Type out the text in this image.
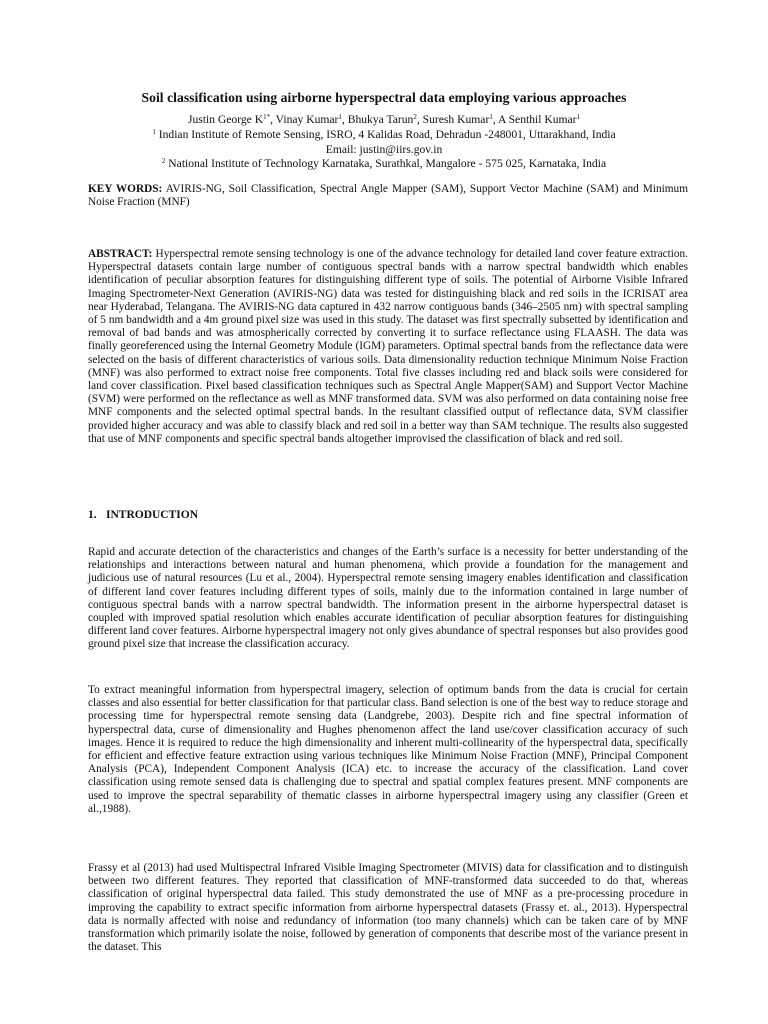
Soil classification using airborne hyperspectral data employing various approaches
Justin George $K^{1*}$, Vinay Kumar$^1$, Bhukya Tarun$^2$, Suresh Kumar$^1$, A Senthil Kumar$^1$
$^1$ Indian Institute of Remote Sensing, ISRO, 4 Kalidas Road, Dehradun -248001, Uttarakhand, India
Email: justin@iirs.gov.in
$^2$ National Institute of Technology Karnataka, Surathkal, Mangalore - 575 025, Karnataka, India
KEY WORDS: AVIRIS-NG, Soil Classification, Spectral Angle Mapper (SAM), Support Vector Machine (SAM) and Minimum Noise Fraction (MNF)
ABSTRACT: Hyperspectral remote sensing technology is one of the advance technology for detailed land cover feature extraction. Hyperspectral datasets contain large number of contiguous spectral bands with a narrow spectral bandwidth which enables identification of peculiar absorption features for distinguishing different type of soils. The potential of Airborne Visible Infrared Imaging Spectrometer-Next Generation (AVIRIS-NG) data was tested for distinguishing black and red soils in the ICRISAT area near Hyderabad, Telangana. The AVIRIS-NG data captured in 432 narrow contiguous bands (346–2505 nm) with spectral sampling of 5 nm bandwidth and a 4m ground pixel size was used in this study. The dataset was first spectrally subsetted by identification and removal of bad bands and was atmospherically corrected by converting it to surface reflectance using FLAASH. The data was finally georeferenced using the Internal Geometry Module (IGM) parameters. Optimal spectral bands from the reflectance data were selected on the basis of different characteristics of various soils. Data dimensionality reduction technique Minimum Noise Fraction (MNF) was also performed to extract noise free components. Total five classes including red and black soils were considered for land cover classification. Pixel based classification techniques such as Spectral Angle Mapper(SAM) and Support Vector Machine (SVM) were performed on the reflectance as well as MNF transformed data. SVM was also performed on data containing noise free MNF components and the selected optimal spectral bands. In the resultant classified output of reflectance data, SVM classifier provided higher accuracy and was able to classify black and red soil in a better way than SAM technique. The results also suggested that use of MNF components and specific spectral bands altogether improvised the classification of black and red soil.
1. INTRODUCTION
Rapid and accurate detection of the characteristics and changes of the Earth’s surface is a necessity for better understanding of the relationships and interactions between natural and human phenomena, which provide a foundation for the management and judicious use of natural resources (Lu et al., 2004). Hyperspectral remote sensing imagery enables identification and classification of different land cover features including different types of soils, mainly due to the information contained in large number of contiguous spectral bands with a narrow spectral bandwidth. The information present in the airborne hyperspectral dataset is coupled with improved spatial resolution which enables accurate identification of peculiar absorption features for distinguishing different land cover features. Airborne hyperspectral imagery not only gives abundance of spectral responses but also provides good ground pixel size that increase the classification accuracy.
To extract meaningful information from hyperspectral imagery, selection of optimum bands from the data is crucial for certain classes and also essential for better classification for that particular class. Band selection is one of the best way to reduce storage and processing time for hyperspectral remote sensing data (Landgrebe, 2003). Despite rich and fine spectral information of hyperspectral data, curse of dimensionality and Hughes phenomenon affect the land use/cover classification accuracy of such images. Hence it is required to reduce the high dimensionality and inherent multi-collinearity of the hyperspectral data, specifically for efficient and effective feature extraction using various techniques like Minimum Noise Fraction (MNF), Principal Component Analysis (PCA), Independent Component Analysis (ICA) etc. to increase the accuracy of the classification. Land cover classification using remote sensed data is challenging due to spectral and spatial complex features present. MNF components are used to improve the spectral separability of thematic classes in airborne hyperspectral imagery using any classifier (Green et al.,1988).
Frassy et al (2013) had used Multispectral Infrared Visible Imaging Spectrometer (MIVIS) data for classification and to distinguish between two different features. They reported that classification of MNF-transformed data succeeded to do that, whereas classification of original hyperspectral data failed. This study demonstrated the use of MNF as a pre-processing procedure in improving the capability to extract specific information from airborne hyperspectral datasets (Frassy et. al., 2013). Hyperspectral data is normally affected with noise and redundancy of information (too many channels) which can be taken care of by MNF transformation which primarily isolate the noise, followed by generation of components that describe most of the variance present in the dataset. This
